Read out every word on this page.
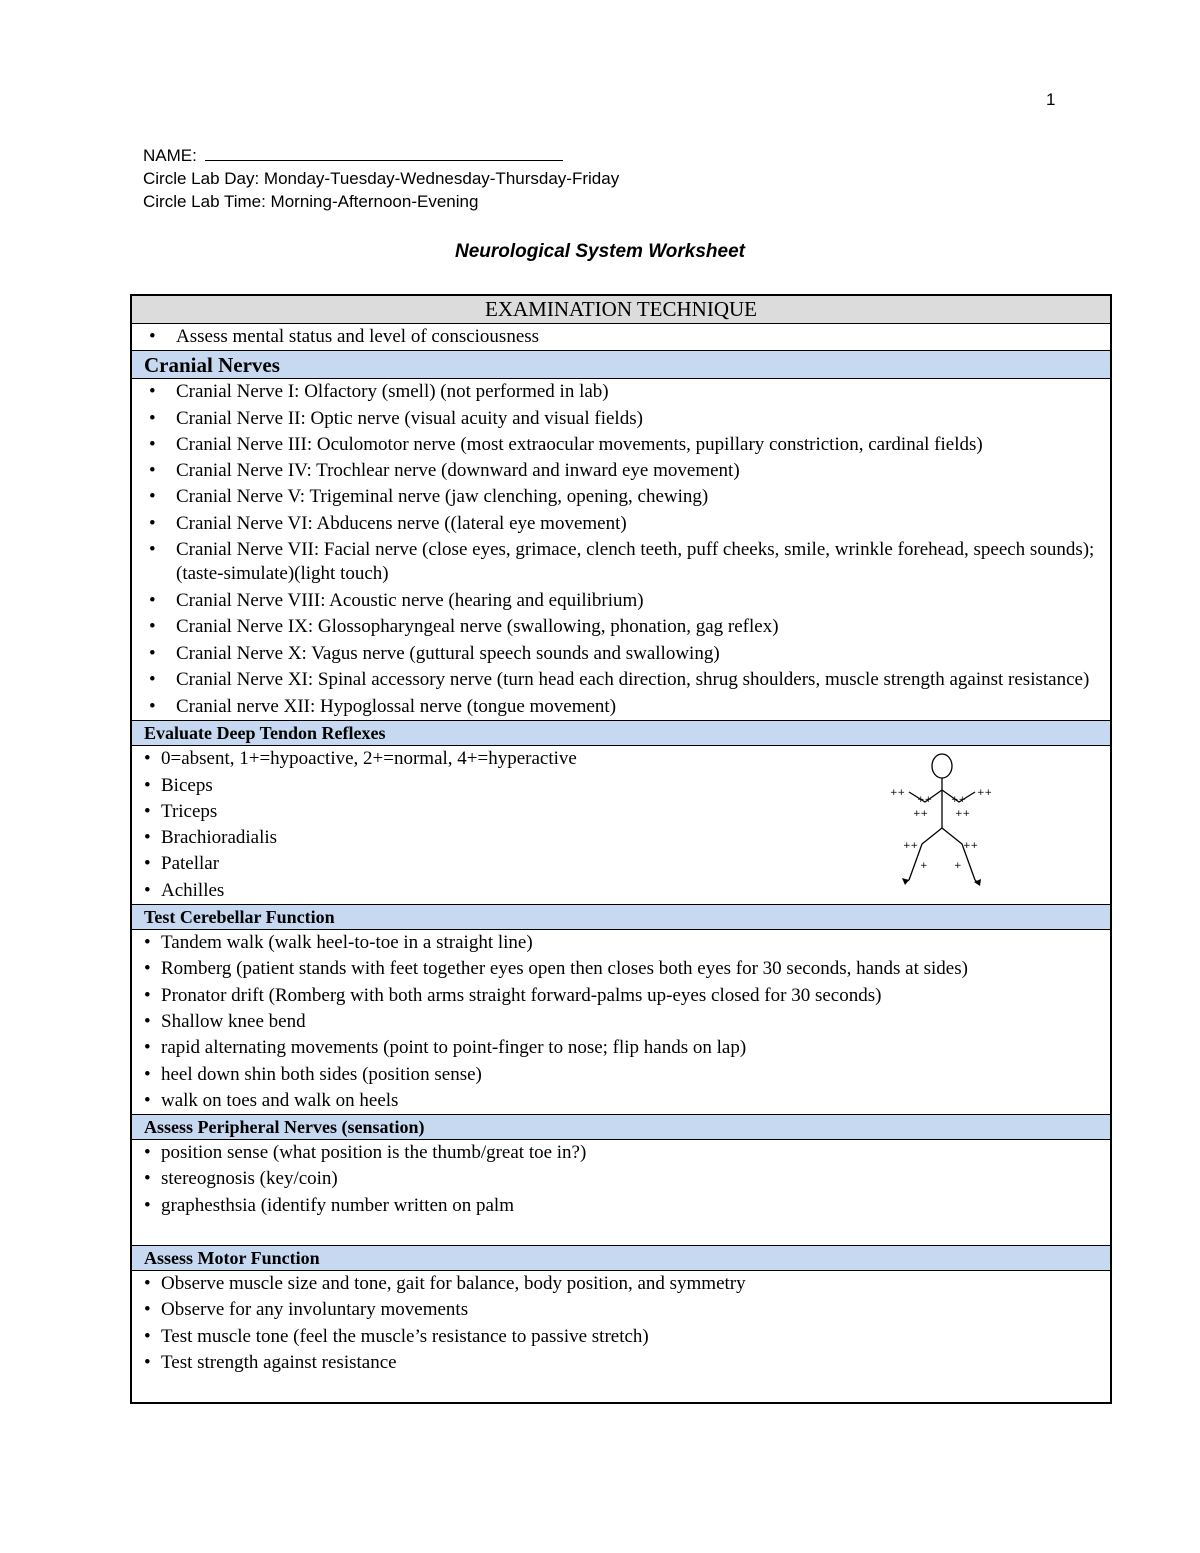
1
NAME:
Circle Lab Day: Monday-Tuesday-Wednesday-Thursday-Friday
Circle Lab Time: Morning-Afternoon-Evening
Neurological System Worksheet
EXAMINATION TECHNIQUE
• Assess mental status and level of consciousness
Cranial Nerves
• Cranial Nerve I: Olfactory (smell) (not performed in lab)
• Cranial Nerve II: Optic nerve (visual acuity and visual fields)
• Cranial Nerve III: Oculomotor nerve (most extraocular movements, pupillary constriction, cardinal fields)
• Cranial Nerve IV: Trochlear nerve (downward and inward eye movement)
• Cranial Nerve V: Trigeminal nerve (jaw clenching, opening, chewing)
• Cranial Nerve VI: Abducens nerve ((lateral eye movement)
• Cranial Nerve VII: Facial nerve (close eyes, grimace, clench teeth, puff cheeks, smile, wrinkle forehead, speech sounds); (taste-simulate)(light touch)
• Cranial Nerve VIII: Acoustic nerve (hearing and equilibrium)
• Cranial Nerve IX: Glossopharyngeal nerve (swallowing, phonation, gag reflex)
• Cranial Nerve X: Vagus nerve (guttural speech sounds and swallowing)
• Cranial Nerve XI: Spinal accessory nerve (turn head each direction, shrug shoulders, muscle strength against resistance)
• Cranial nerve XII: Hypoglossal nerve (tongue movement)
Evaluate Deep Tendon Reflexes
• 0=absent, 1+=hypoactive, 2+=normal, 4+=hyperactive
• Biceps
• Triceps
• Brachioradialis
• Patellar
• Achilles
++
++ ++
++
++	++
++	++
+	+
Test Cerebellar Function
• Tandem walk (walk heel-to-toe in a straight line)
• Romberg (patient stands with feet together eyes open then closes both eyes for 30 seconds, hands at sides)
• Pronator drift (Romberg with both arms straight forward-palms up-eyes closed for 30 seconds)
• Shallow knee bend
• rapid alternating movements (point to point-finger to nose; flip hands on lap)
• heel down shin both sides (position sense)
• walk on toes and walk on heels
Assess Peripheral Nerves (sensation)
• position sense (what position is the thumb/great toe in?)
• stereognosis (key/coin)
• graphesthsia (identify number written on palm
Assess Motor Function
• Observe muscle size and tone, gait for balance, body position, and symmetry
• Observe for any involuntary movements
• Test muscle tone (feel the muscle’s resistance to passive stretch)
• Test strength against resistance
